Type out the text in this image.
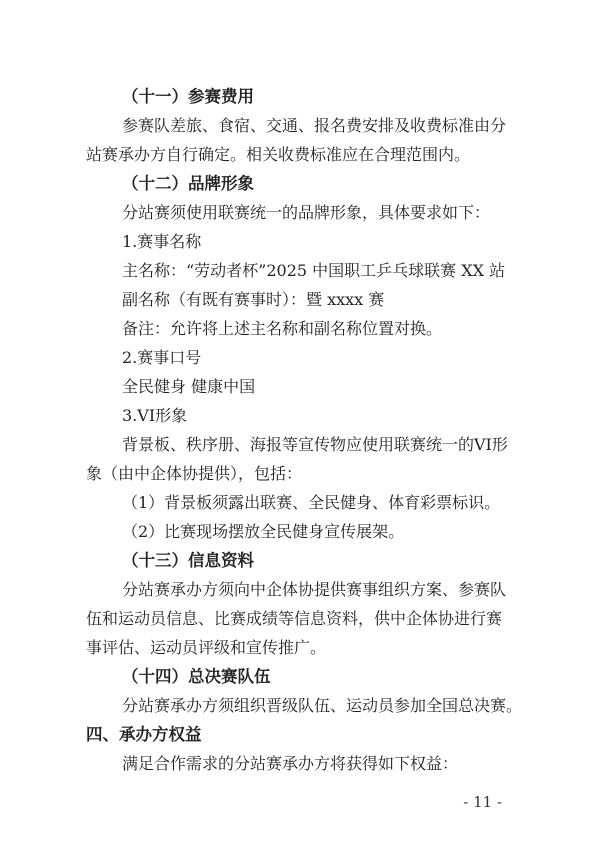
（十一）参赛费用
参赛队差旅、食宿、交通、报名费安排及收费标准由分
站赛承办方自行确定。相关收费标准应在合理范围内。
（十二）品牌形象
分站赛须使用联赛统一的品牌形象，具体要求如下：
1.赛事名称
主名称：“劳动者杯”2025 中国职工乒乓球联赛 XX 站
副名称（有既有赛事时）：暨 xxxx 赛
备注：允许将上述主名称和副名称位置对换。
2.赛事口号
全民健身 健康中国
3.VI形象
背景板、秩序册、海报等宣传物应使用联赛统一的VI形
象（由中企体协提供），包括：
（1）背景板须露出联赛、全民健身、体育彩票标识。
（2）比赛现场摆放全民健身宣传展架。
（十三）信息资料
分站赛承办方须向中企体协提供赛事组织方案、参赛队
伍和运动员信息、比赛成绩等信息资料，供中企体协进行赛
事评估、运动员评级和宣传推广。
（十四）总决赛队伍
分站赛承办方须组织晋级队伍、运动员参加全国总决赛。
四、承办方权益
满足合作需求的分站赛承办方将获得如下权益：
- 11 -
